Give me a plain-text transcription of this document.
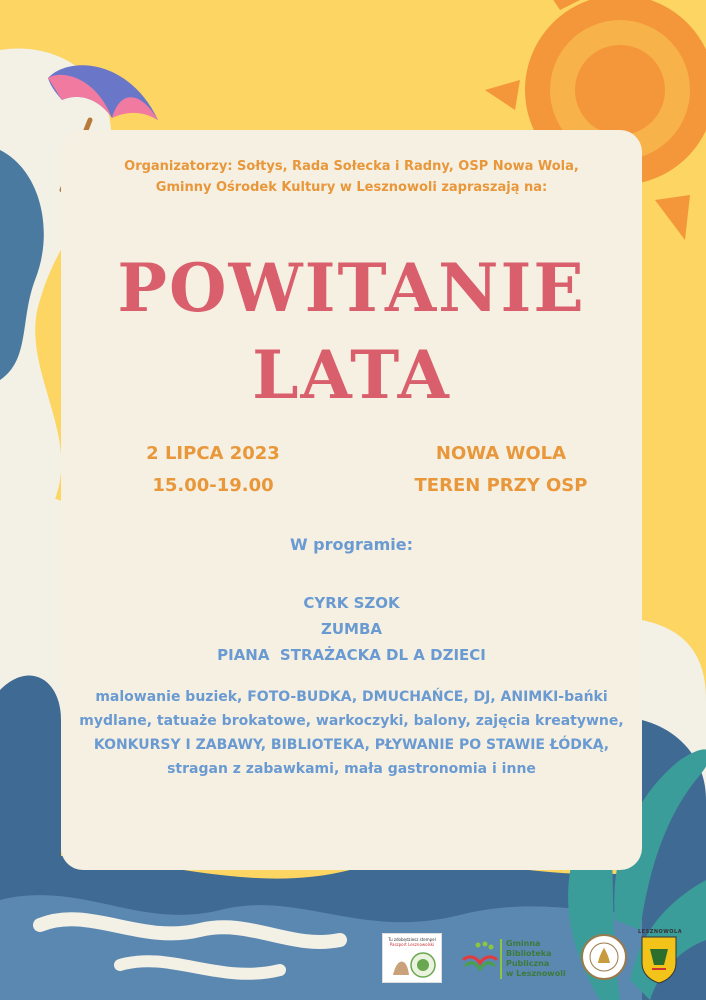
Organizatorzy: Sołtys, Rada Sołecka i Radny, OSP Nowa Wola,
Gminny Ośrodek Kultury w Lesznowoli zapraszają na:
POWITANIE
LATA
2 LIPCA 2023
15.00-19.00
NOWA WOLA
TEREN PRZY OSP
W programie:
CYRK SZOK
ZUMBA
PIANA  STRAŻACKA DL A DZIECI
malowanie buziek, FOTO-BUDKA, DMUCHAŃCE, DJ, ANIMKI-bańki
mydlane, tatuaże brokatowe, warkoczyki, balony, zajęcia kreatywne,
KONKURSY I ZABAWY, BIBLIOTEKA, PŁYWANIE PO STAWIE ŁÓDKĄ,
stragan z zabawkami, mała gastronomia i inne
Tu zdobędziesz stempel
Paszport Lesznowolski	Gminna
Biblioteka
Publiczna
w Lesznowoli
LESZNOWOLA
